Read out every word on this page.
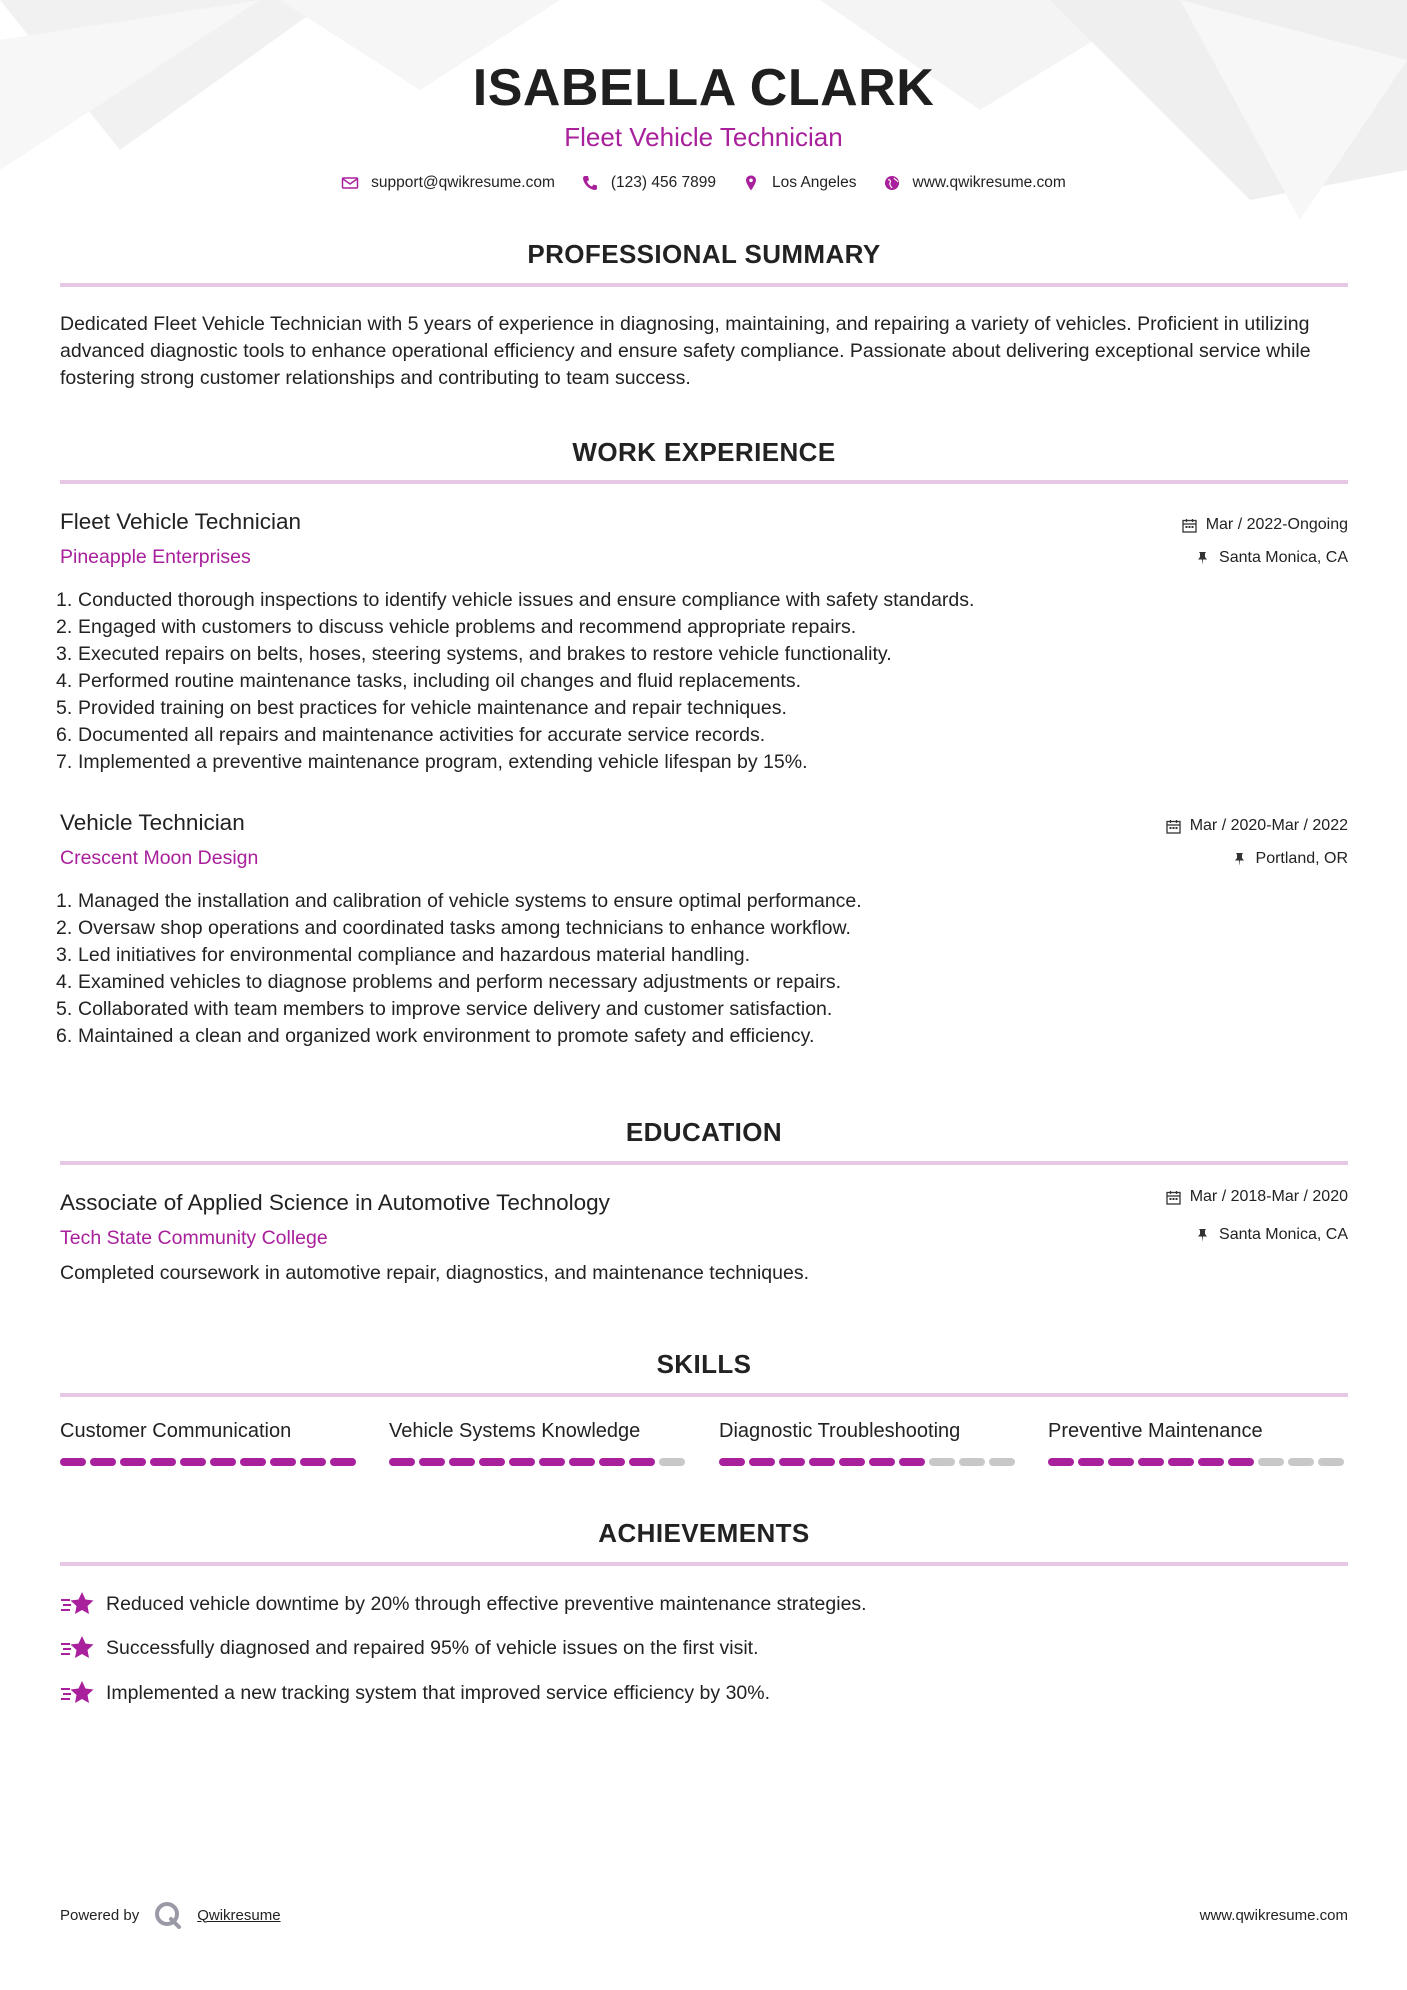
ISABELLA CLARK
Fleet Vehicle Technician
support@qwikresume.com	(123) 456 7899	Los Angeles	www.qwikresume.com
PROFESSIONAL SUMMARY
Dedicated Fleet Vehicle Technician with 5 years of experience in diagnosing, maintaining, and repairing a variety of vehicles. Proficient in utilizing advanced diagnostic tools to enhance operational efficiency and ensure safety compliance. Passionate about delivering exceptional service while fostering strong customer relationships and contributing to team success.
WORK EXPERIENCE
Fleet Vehicle Technician
Pineapple Enterprises
Mar / 2022-Ongoing
Santa Monica, CA
1. Conducted thorough inspections to identify vehicle issues and ensure compliance with safety standards.
2. Engaged with customers to discuss vehicle problems and recommend appropriate repairs.
3. Executed repairs on belts, hoses, steering systems, and brakes to restore vehicle functionality.
4. Performed routine maintenance tasks, including oil changes and fluid replacements.
5. Provided training on best practices for vehicle maintenance and repair techniques.
6. Documented all repairs and maintenance activities for accurate service records.
7. Implemented a preventive maintenance program, extending vehicle lifespan by 15%.
Vehicle Technician
Crescent Moon Design
Mar / 2020-Mar / 2022
Portland, OR
1. Managed the installation and calibration of vehicle systems to ensure optimal performance.
2. Oversaw shop operations and coordinated tasks among technicians to enhance workflow.
3. Led initiatives for environmental compliance and hazardous material handling.
4. Examined vehicles to diagnose problems and perform necessary adjustments or repairs.
5. Collaborated with team members to improve service delivery and customer satisfaction.
6. Maintained a clean and organized work environment to promote safety and efficiency.
EDUCATION
Associate of Applied Science in Automotive Technology
Tech State Community College
Mar / 2018-Mar / 2020
Santa Monica, CA
Completed coursework in automotive repair, diagnostics, and maintenance techniques.
SKILLS
Customer Communication	Vehicle Systems Knowledge	Diagnostic Troubleshooting	Preventive Maintenance
ACHIEVEMENTS
Reduced vehicle downtime by 20% through effective preventive maintenance strategies.
Successfully diagnosed and repaired 95% of vehicle issues on the first visit.
Implemented a new tracking system that improved service efficiency by 30%.
Powered by	Qwikresume	www.qwikresume.com
